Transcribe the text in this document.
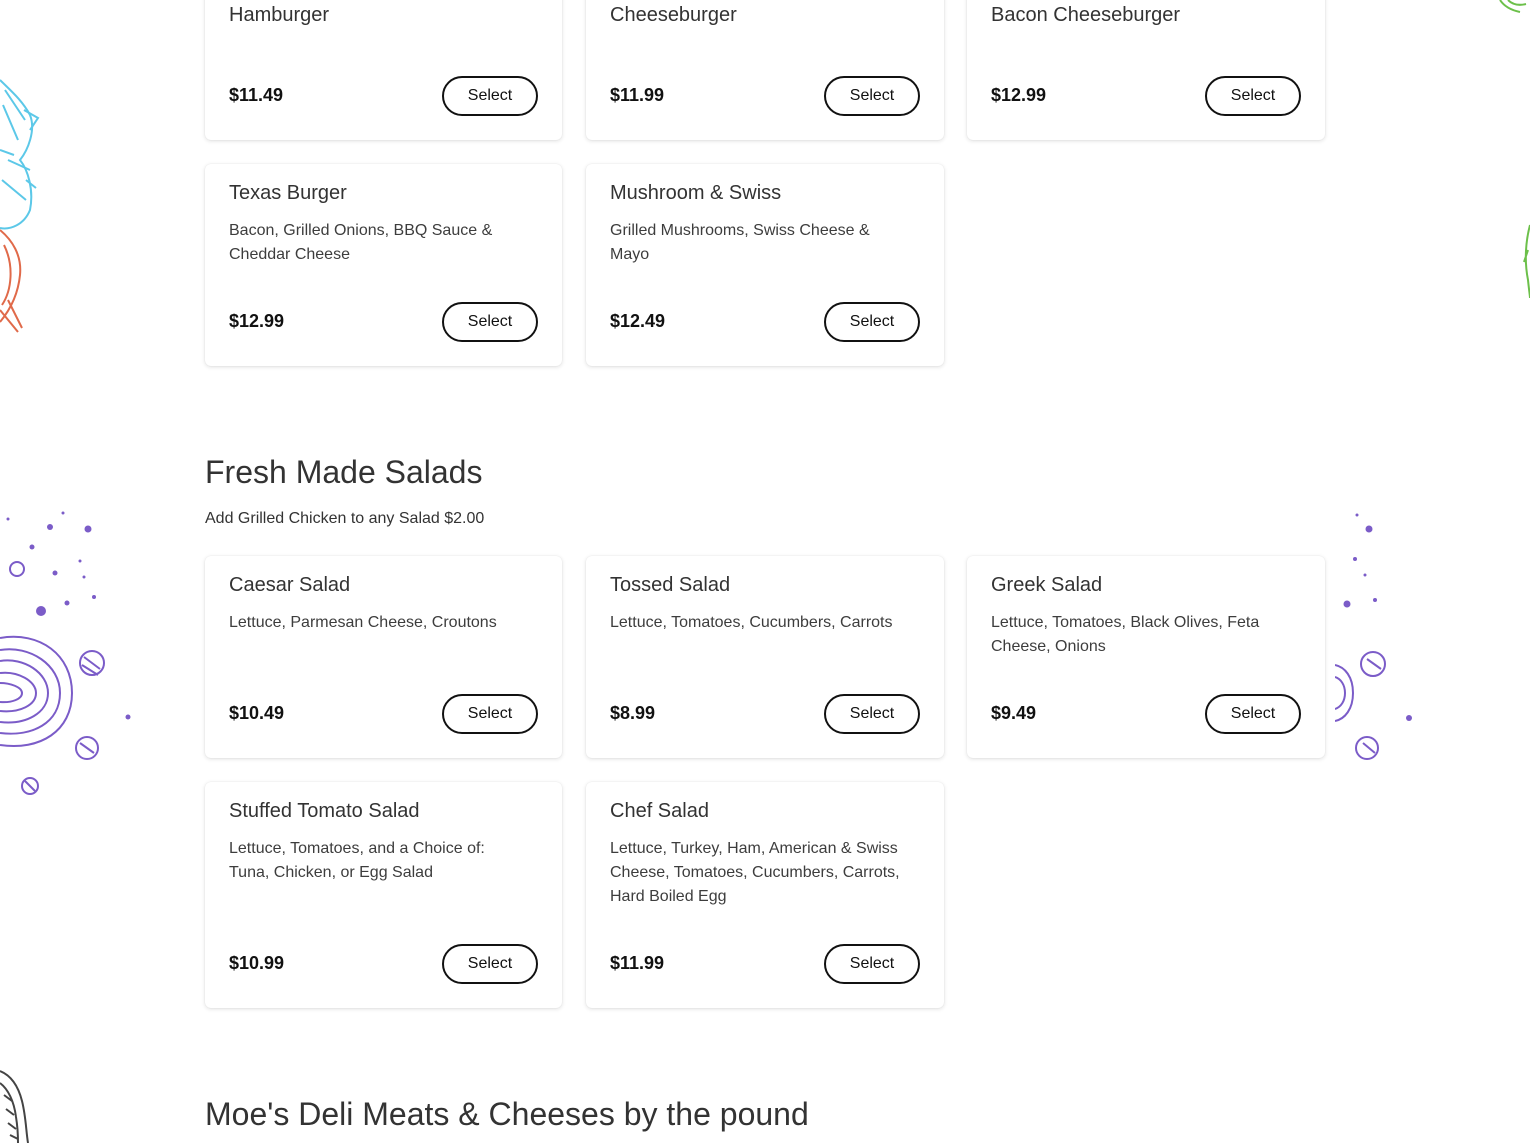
Hamburger
$11.49	Select
Cheeseburger
$11.99	Select
Bacon Cheeseburger
$12.99	Select
Texas Burger
Bacon, Grilled Onions, BBQ Sauce & Cheddar Cheese
$12.99	Select
Mushroom & Swiss
Grilled Mushrooms, Swiss Cheese & Mayo
$12.49	Select
Fresh Made Salads

Add Grilled Chicken to any Salad $2.00

Caesar Salad
Lettuce, Parmesan Cheese, Croutons
$10.49	Select
Tossed Salad
Lettuce, Tomatoes, Cucumbers, Carrots
$8.99	Select
Greek Salad
Lettuce, Tomatoes, Black Olives, Feta Cheese, Onions
$9.49	Select
Stuffed Tomato Salad
Lettuce, Tomatoes, and a Choice of: Tuna, Chicken, or Egg Salad
$10.99	Select
Chef Salad
Lettuce, Turkey, Ham, American & Swiss Cheese, Tomatoes, Cucumbers, Carrots, Hard Boiled Egg
$11.99	Select
Moe's Deli Meats & Cheeses by the pound
